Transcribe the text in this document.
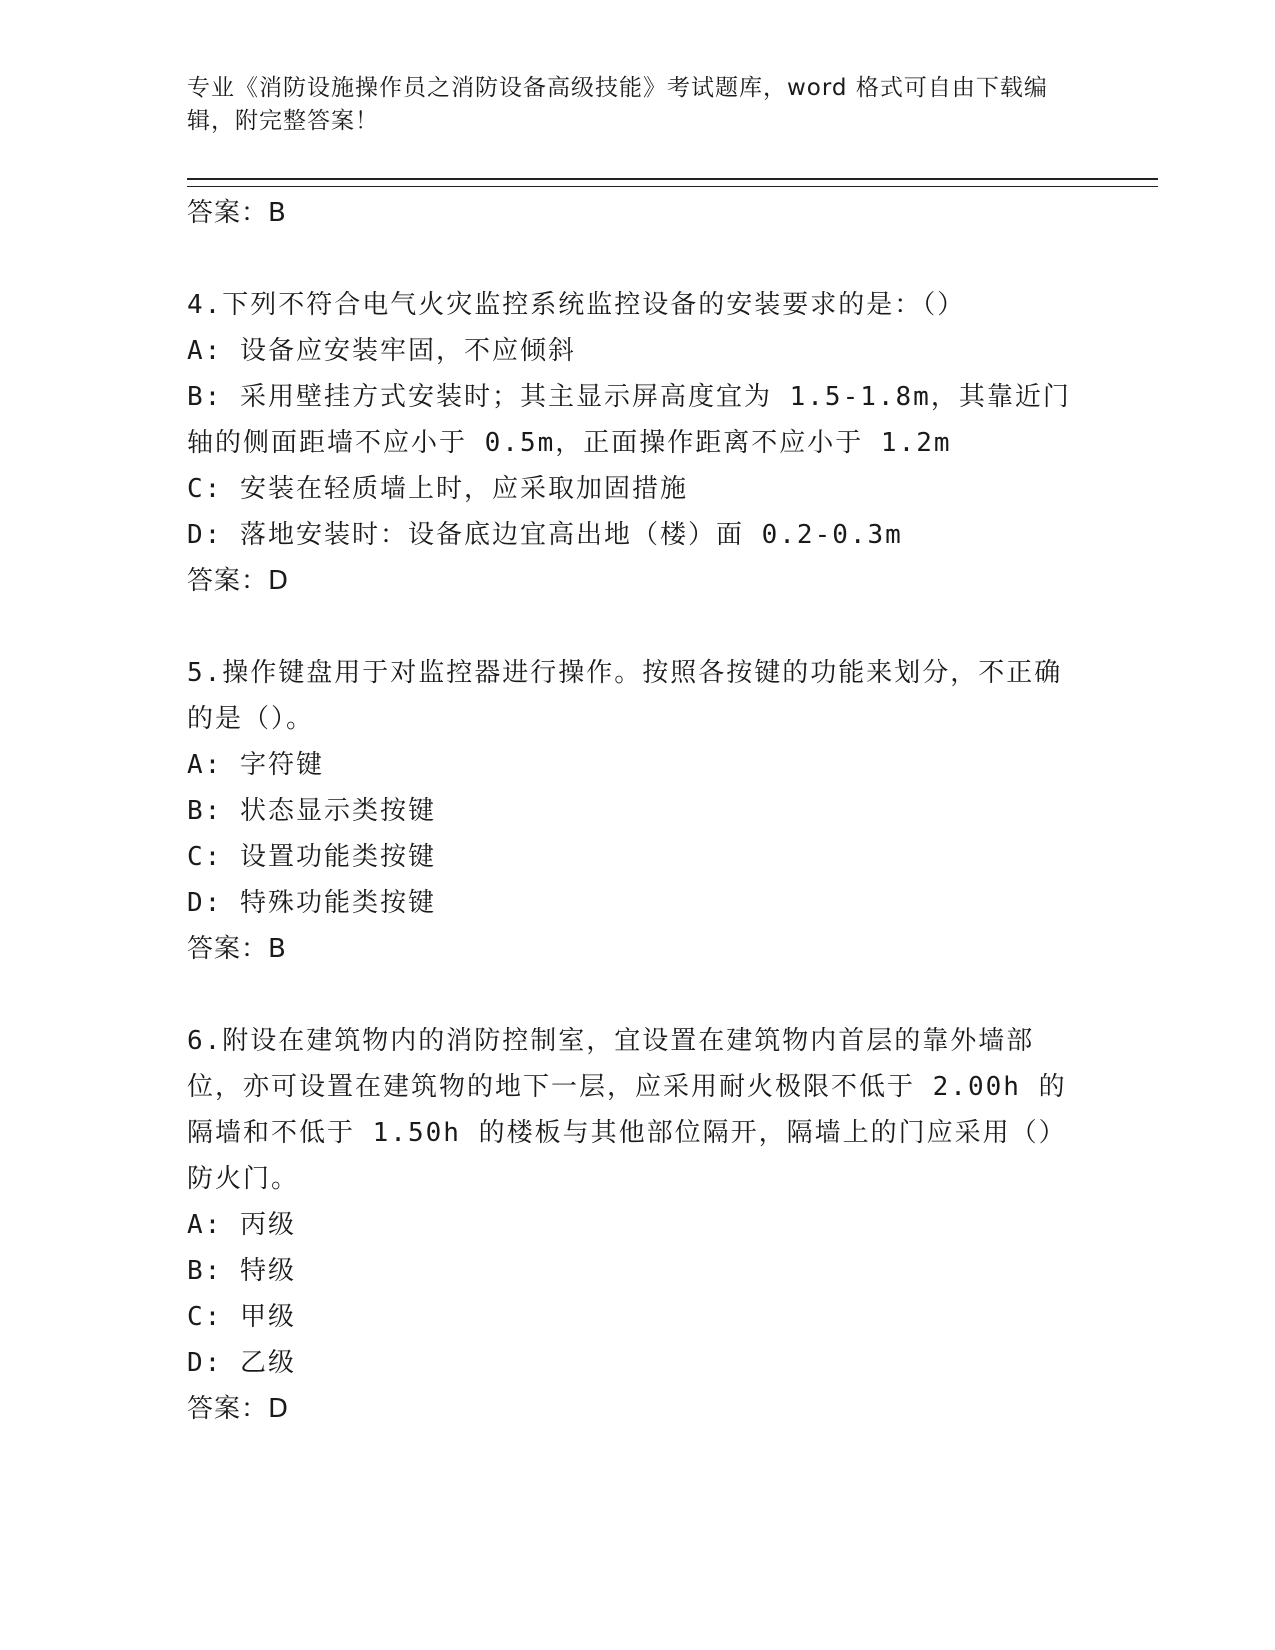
专业《消防设施操作员之消防设备高级技能》考试题库，word 格式可自由下载编辑，附完整答案！

答案：B

4.下列不符合电气火灾监控系统监控设备的安装要求的是：（）

A: 设备应安装牢固，不应倾斜

B: 采用壁挂方式安装时；其主显示屏高度宜为 1.5-1.8m，其靠近门轴的侧面距墙不应小于 0.5m，正面操作距离不应小于 1.2m

C: 安装在轻质墙上时，应采取加固措施

D: 落地安装时：设备底边宜高出地（楼）面 0.2-0.3m

答案：D

5.操作键盘用于对监控器进行操作。按照各按键的功能来划分，不正确的是（）。

A: 字符键

B: 状态显示类按键

C: 设置功能类按键

D: 特殊功能类按键

答案：B

6.附设在建筑物内的消防控制室，宜设置在建筑物内首层的靠外墙部位，亦可设置在建筑物的地下一层，应采用耐火极限不低于 2.00h 的隔墙和不低于 1.50h 的楼板与其他部位隔开，隔墙上的门应采用（）防火门。

A: 丙级

B: 特级

C: 甲级

D: 乙级

答案：D
